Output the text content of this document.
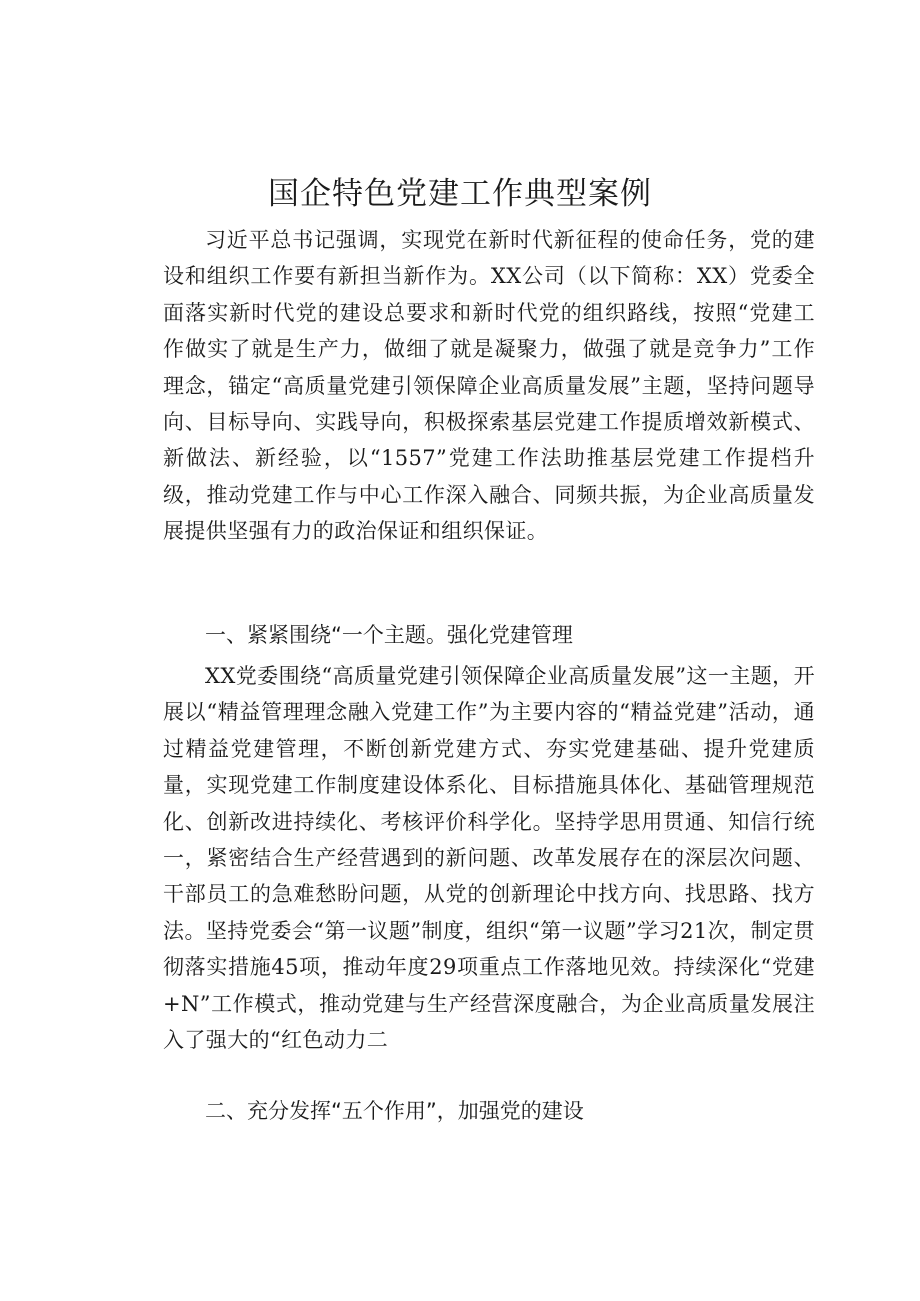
国企特色党建工作典型案例

习近平总书记强调，实现党在新时代新征程的使命任务，党的建设和组织工作要有新担当新作为。XX公司（以下简称：XX）党委全面落实新时代党的建设总要求和新时代党的组织路线，按照“党建工作做实了就是生产力，做细了就是凝聚力，做强了就是竞争力”工作理念，锚定“高质量党建引领保障企业高质量发展”主题，坚持问题导向、目标导向、实践导向，积极探索基层党建工作提质增效新模式、新做法、新经验，以“1557”党建工作法助推基层党建工作提档升级，推动党建工作与中心工作深入融合、同频共振，为企业高质量发展提供坚强有力的政治保证和组织保证。

一、紧紧围绕“一个主题。强化党建管理

XX党委围绕“高质量党建引领保障企业高质量发展”这一主题，开展以“精益管理理念融入党建工作”为主要内容的“精益党建”活动，通过精益党建管理，不断创新党建方式、夯实党建基础、提升党建质量，实现党建工作制度建设体系化、目标措施具体化、基础管理规范化、创新改进持续化、考核评价科学化。坚持学思用贯通、知信行统一，紧密结合生产经营遇到的新问题、改革发展存在的深层次问题、干部员工的急难愁盼问题，从党的创新理论中找方向、找思路、找方法。坚持党委会“第一议题”制度，组织“第一议题”学习21次，制定贯彻落实措施45项，推动年度29项重点工作落地见效。持续深化“党建+N”工作模式，推动党建与生产经营深度融合，为企业高质量发展注入了强大的“红色动力二

二、充分发挥“五个作用”，加强党的建设
